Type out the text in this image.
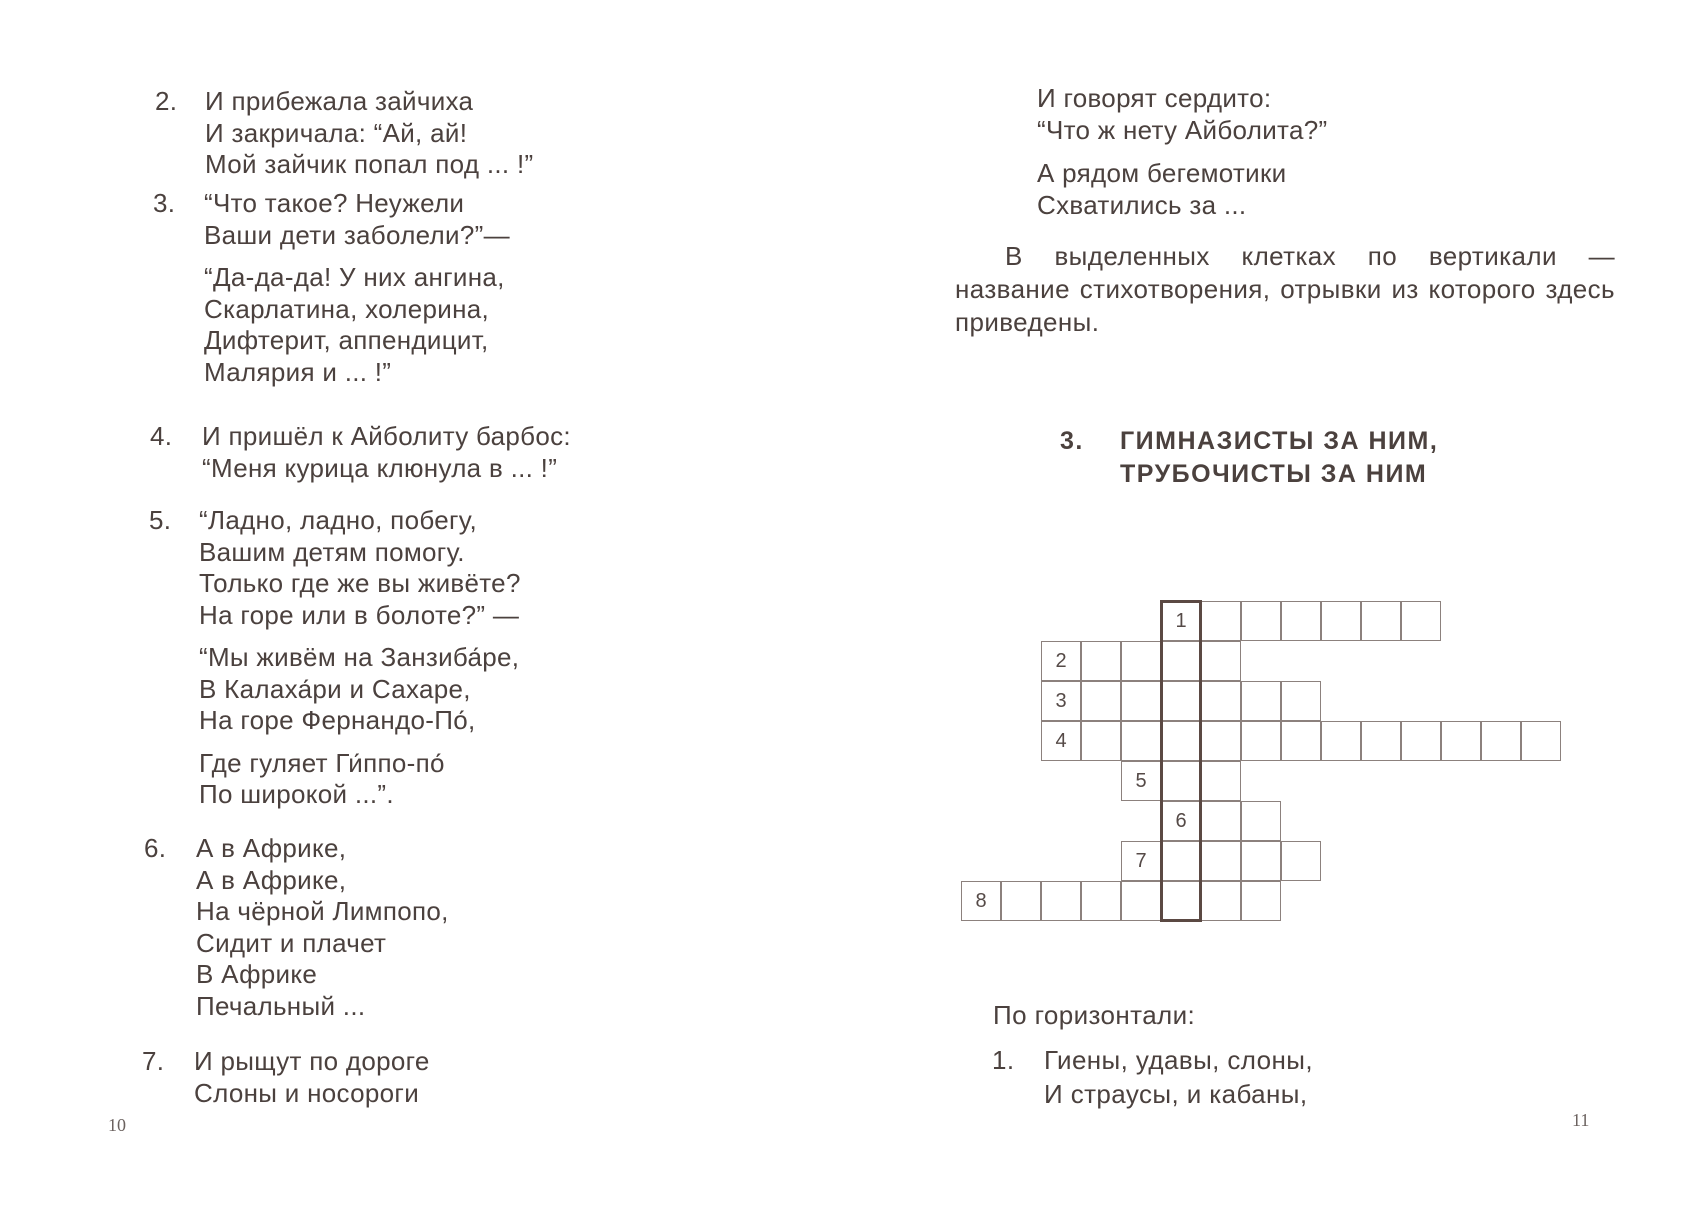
2. И прибежала зайчиха
И закричала: “Ай, ай!
Мой зайчик попал под ... !”
3. “Что такое? Неужели
Ваши дети заболели?”—
“Да-да-да! У них ангина,
Скарлатина, холерина,
Дифтерит, аппендицит,
Малярия и ... !”
4. И пришёл к Айболиту барбос:
“Меня курица клюнула в ... !”
5. “Ладно, ладно, побегу,
Вашим детям помогу.
Только где же вы живёте?
На горе или в болоте?” —
“Мы живём на Занзиба́ре,
В Калаха́ри и Сахаре,
На горе Фернандо-По́,
Где гуляет Ги́ппо-по́
По широкой ...”.
6. А в Африке,
А в Африке,
На чёрной Лимпопо,
Сидит и плачет
В Африке
Печальный ...
7. И рыщут по дороге
Слоны и носороги
10
И говорят сердито:
“Что ж нету Айболита?”
А рядом бегемотики
Схватились за ...
В выделенных клетках по вертикали — название стихотворения, отрывки из которого здесь приведены.
3. ГИМНАЗИСТЫ ЗА НИМ,
ТРУБОЧИСТЫ ЗА НИМ
1
2
3
4
5
6
7
8
По горизонтали:
1. Гиены, удавы, слоны,
И страусы, и кабаны,
11
